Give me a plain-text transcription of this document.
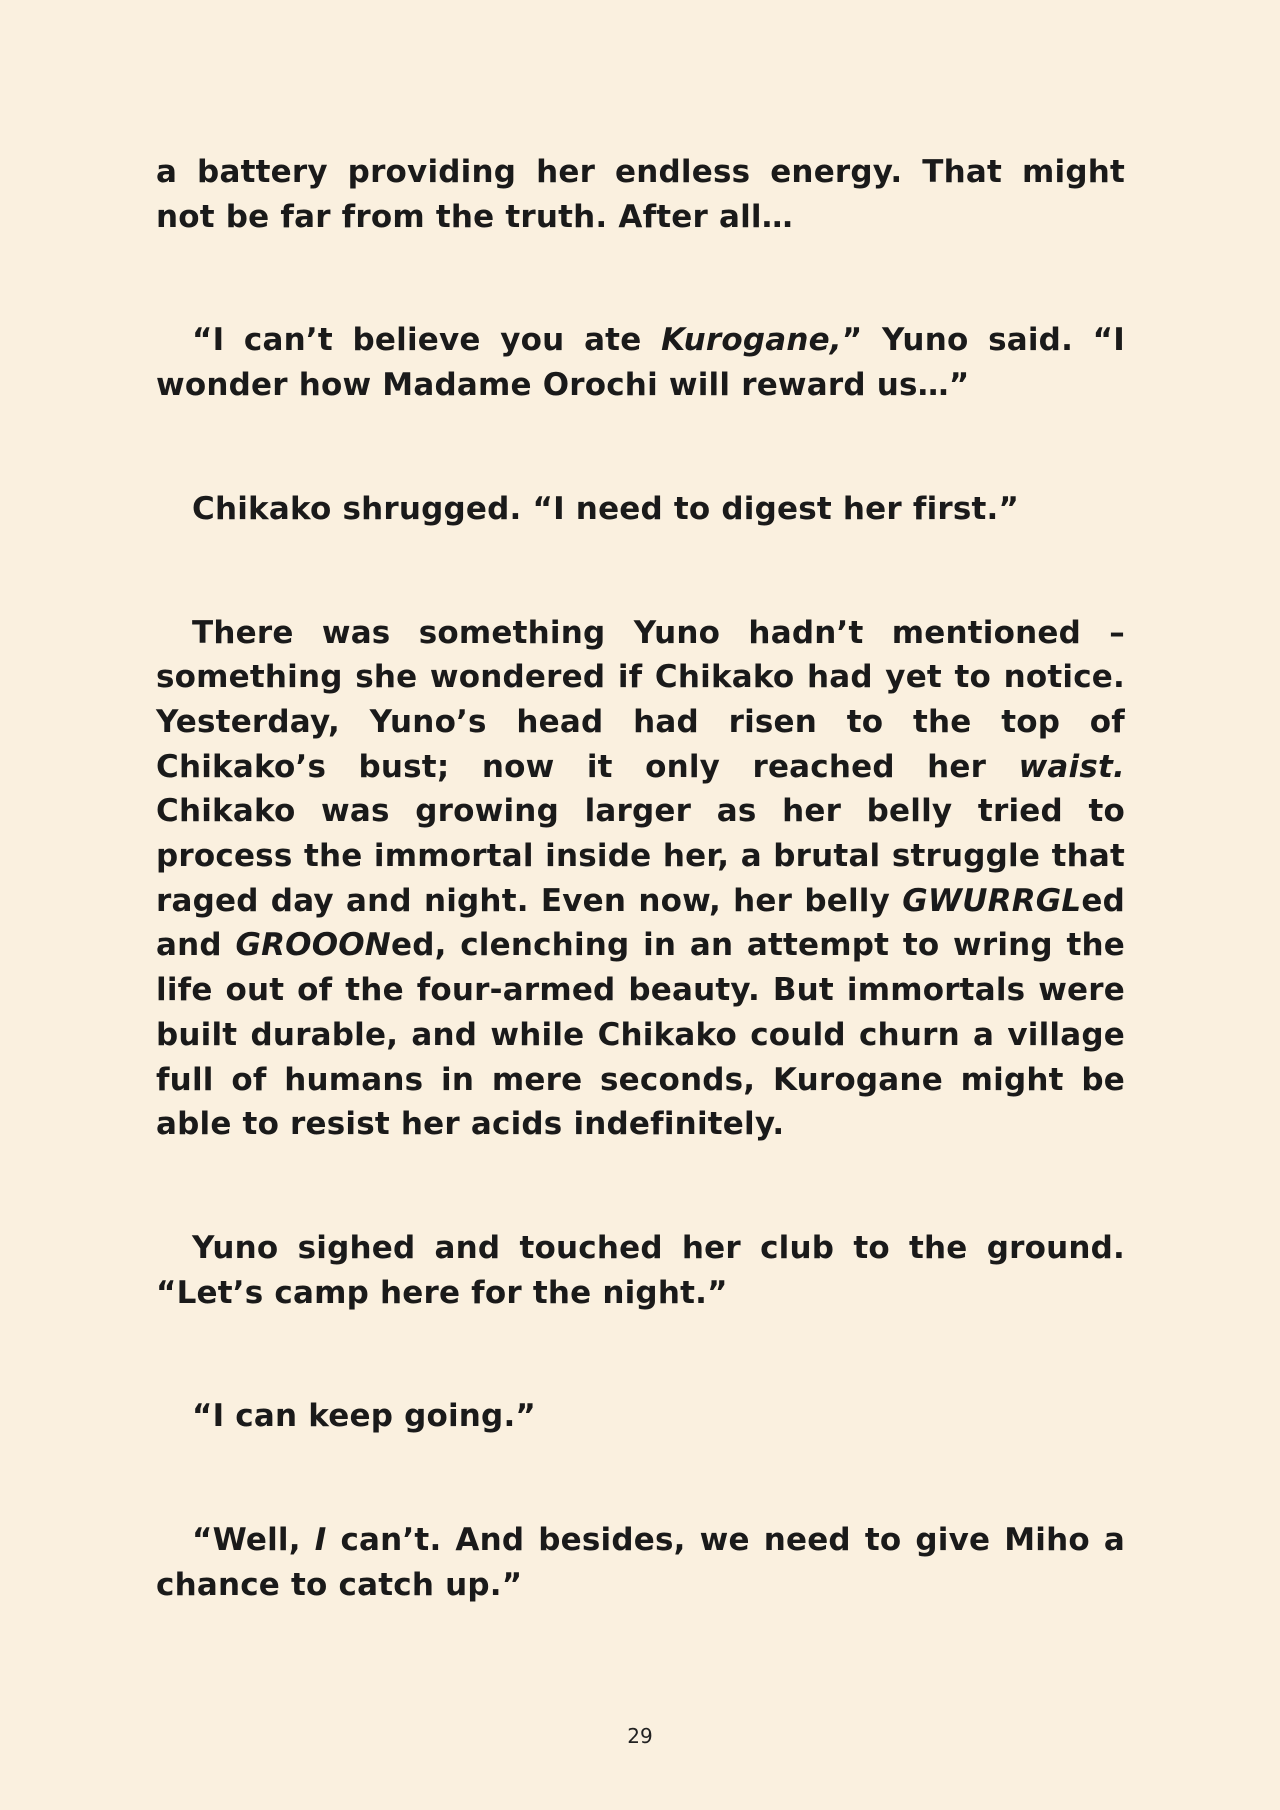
a battery providing her endless energy. That might not be far from the truth. After all…

“I can’t believe you ate Kurogane,” Yuno said. “I wonder how Madame Orochi will reward us…”

Chikako shrugged. “I need to digest her first.”

There was something Yuno hadn’t mentioned – something she wondered if Chikako had yet to notice. Yesterday, Yuno’s head had risen to the top of Chikako’s bust; now it only reached her waist. Chikako was growing larger as her belly tried to process the immortal inside her, a brutal struggle that raged day and night. Even now, her belly GWURRGLed and GROOONed, clenching in an attempt to wring the life out of the four-armed beauty. But immortals were built durable, and while Chikako could churn a village full of humans in mere seconds, Kurogane might be able to resist her acids indefinitely.

Yuno sighed and touched her club to the ground. “Let’s camp here for the night.”

“I can keep going.”

“Well, I can’t. And besides, we need to give Miho a chance to catch up.”

29
